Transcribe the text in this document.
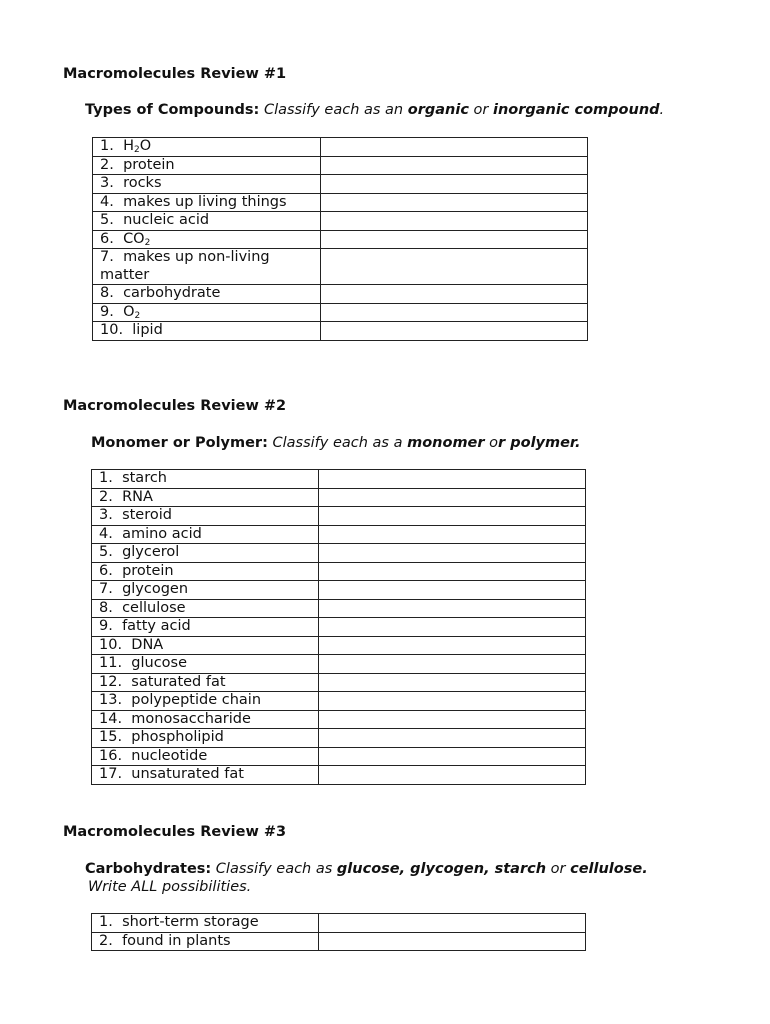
Macromolecules Review #1
Types of Compounds: Classify each as an organic or inorganic compound.
1. $H_2O$	
2. protein	
3. rocks	
4. makes up living things	
5. nucleic acid	
6. $CO_2$	
7. makes up non-living matter	
8. carbohydrate	
9. $O_2$	
10. lipid	
Macromolecules Review #2
Monomer or Polymer: Classify each as a monomer or polymer.
1. starch	
2. RNA	
3. steroid	
4. amino acid	
5. glycerol	
6. protein	
7. glycogen	
8. cellulose	
9. fatty acid	
10. DNA	
11. glucose	
12. saturated fat	
13. polypeptide chain	
14. monosaccharide	
15. phospholipid	
16. nucleotide	
17. unsaturated fat	
Macromolecules Review #3
Carbohydrates: Classify each as glucose, glycogen, starch or cellulose.
Write ALL possibilities.
1. short-term storage	
2. found in plants	
